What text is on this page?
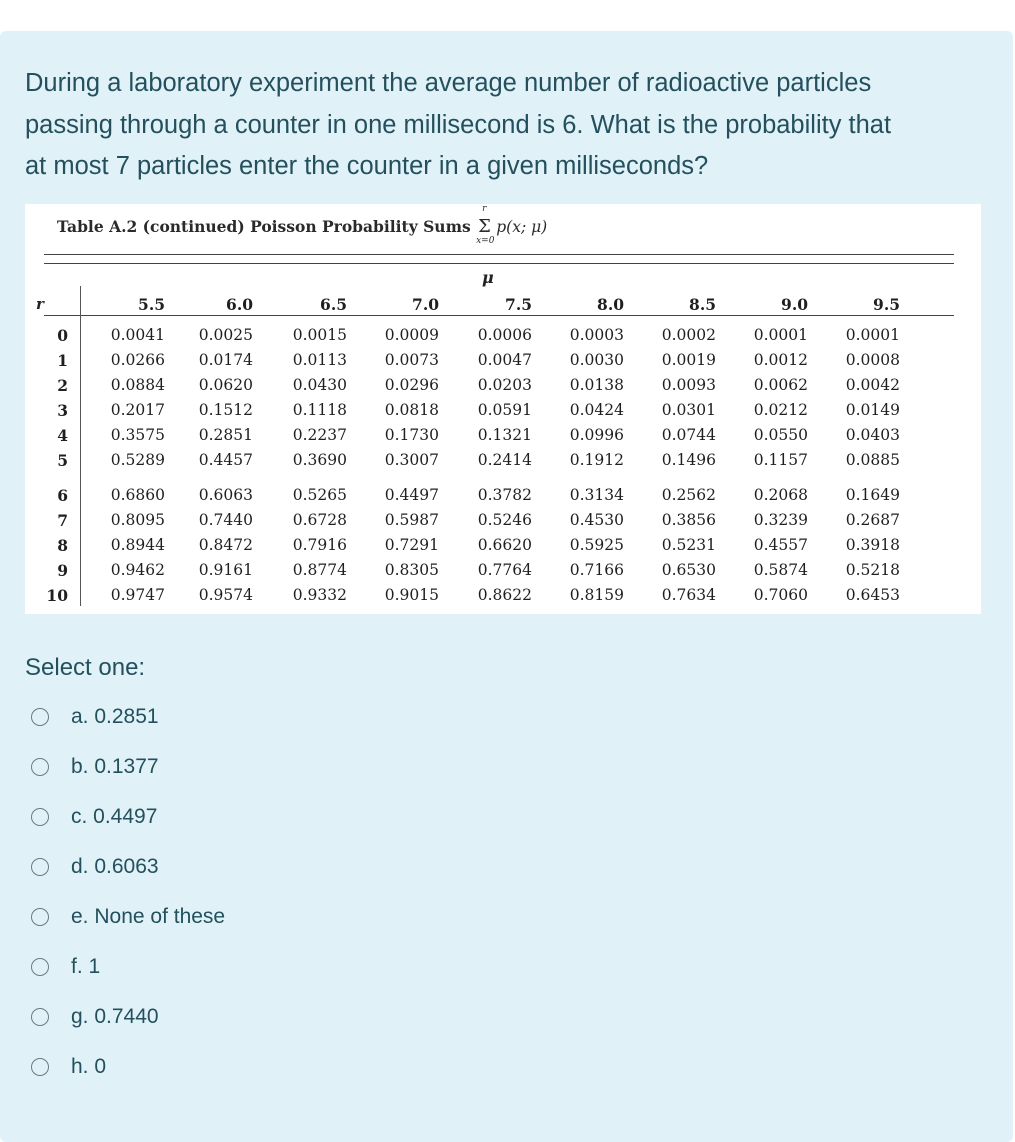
During a laboratory experiment the average number of radioactive particles
passing through a counter in one millisecond is 6. What is the probability that
at most 7 particles enter the counter in a given milliseconds?
Table A.2 (continued) Poisson Probability Sums
r
Σ
x=0
p(x; μ)
μ
r	5.5	6.0	6.5	7.0	7.5	8.0	8.5	9.0	9.5
0	0.0041	0.0025	0.0015	0.0009	0.0006	0.0003	0.0002	0.0001	0.0001
1	0.0266	0.0174	0.0113	0.0073	0.0047	0.0030	0.0019	0.0012	0.0008
2	0.0884	0.0620	0.0430	0.0296	0.0203	0.0138	0.0093	0.0062	0.0042
3	0.2017	0.1512	0.1118	0.0818	0.0591	0.0424	0.0301	0.0212	0.0149
4	0.3575	0.2851	0.2237	0.1730	0.1321	0.0996	0.0744	0.0550	0.0403
5	0.5289	0.4457	0.3690	0.3007	0.2414	0.1912	0.1496	0.1157	0.0885
6	0.6860	0.6063	0.5265	0.4497	0.3782	0.3134	0.2562	0.2068	0.1649
7	0.8095	0.7440	0.6728	0.5987	0.5246	0.4530	0.3856	0.3239	0.2687
8	0.8944	0.8472	0.7916	0.7291	0.6620	0.5925	0.5231	0.4557	0.3918
9	0.9462	0.9161	0.8774	0.8305	0.7764	0.7166	0.6530	0.5874	0.5218
10	0.9747	0.9574	0.9332	0.9015	0.8622	0.8159	0.7634	0.7060	0.6453
Select one:
a. 0.2851
b. 0.1377
c. 0.4497
d. 0.6063
e. None of these
f. 1
g. 0.7440
h. 0
